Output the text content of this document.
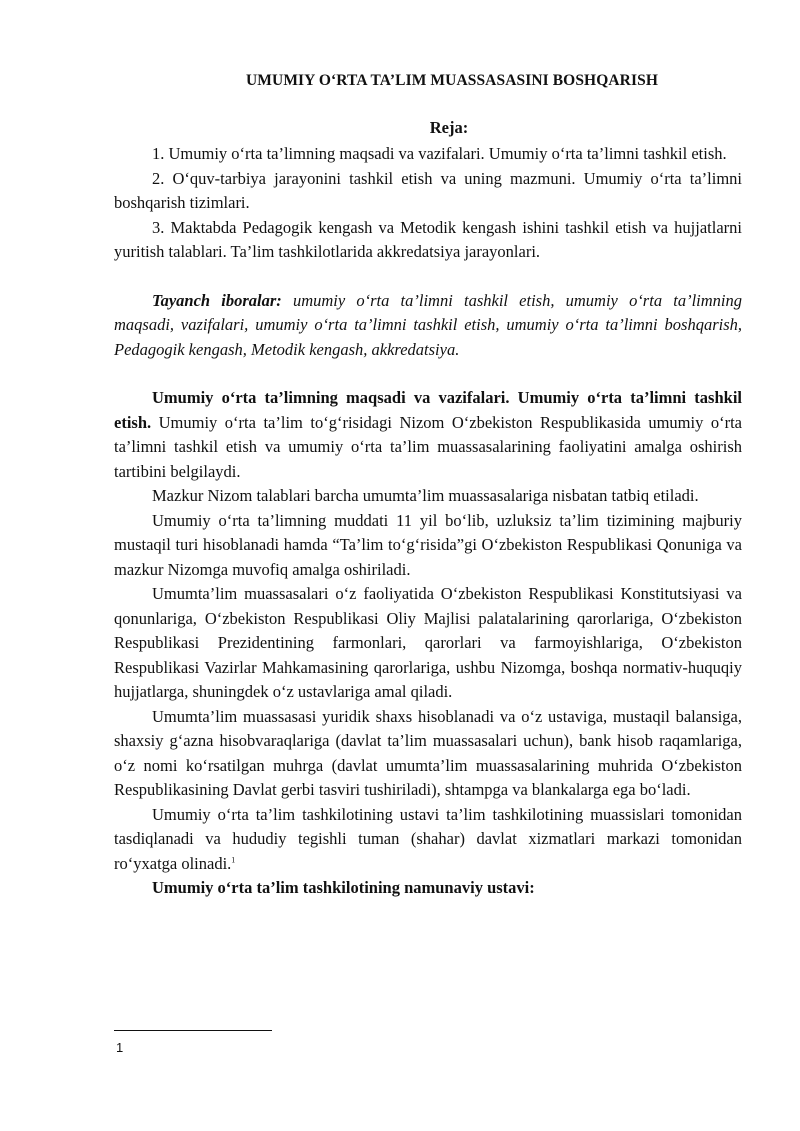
UMUMIY O‘RTA TA’LIM MUASSASASINI BOSHQARISH
Reja:

1. Umumiy o‘rta ta’limning maqsadi va vazifalari. Umumiy o‘rta ta’limni tashkil etish.

2. O‘quv-tarbiya jarayonini tashkil etish va uning mazmuni. Umumiy o‘rta ta’limni boshqarish tizimlari.

3. Maktabda Pedagogik kengash va Metodik kengash ishini tashkil etish va hujjatlarni yuritish talablari. Ta’lim tashkilotlarida akkredatsiya jarayonlari.

Tayanch iboralar: umumiy o‘rta ta’limni tashkil etish, umumiy o‘rta ta’limning maqsadi, vazifalari, umumiy o‘rta ta’limni tashkil etish, umumiy o‘rta ta’limni boshqarish, Pedagogik kengash, Metodik kengash, akkredatsiya.

Umumiy o‘rta ta’limning maqsadi va vazifalari. Umumiy o‘rta ta’limni tashkil etish. Umumiy o‘rta ta’lim to‘g‘risidagi Nizom O‘zbekiston Respublikasida umumiy o‘rta ta’limni tashkil etish va umumiy o‘rta ta’lim muassasalarining faoliyatini amalga oshirish tartibini belgilaydi.

Mazkur Nizom talablari barcha umumta’lim muassasalariga nisbatan tatbiq etiladi.

Umumiy o‘rta ta’limning muddati 11 yil bo‘lib, uzluksiz ta’lim tizimining majburiy mustaqil turi hisoblanadi hamda “Ta’lim to‘g‘risida”gi O‘zbekiston Respublikasi Qonuniga va mazkur Nizomga muvofiq amalga oshiriladi.

Umumta’lim muassasalari o‘z faoliyatida O‘zbekiston Respublikasi Konstitutsiyasi va qonunlariga, O‘zbekiston Respublikasi Oliy Majlisi palatalarining qarorlariga, O‘zbekiston Respublikasi Prezidentining farmonlari, qarorlari va farmoyishlariga, O‘zbekiston Respublikasi Vazirlar Mahkamasining qarorlariga, ushbu Nizomga, boshqa normativ-huquqiy hujjatlarga, shuningdek o‘z ustavlariga amal qiladi.

Umumta’lim muassasasi yuridik shaxs hisoblanadi va o‘z ustaviga, mustaqil balansiga, shaxsiy g‘azna hisobvaraqlariga (davlat ta’lim muassasalari uchun), bank hisob raqamlariga, o‘z nomi ko‘rsatilgan muhrga (davlat umumta’lim muassasalarining muhrida O‘zbekiston Respublikasining Davlat gerbi tasviri tushiriladi), shtampga va blankalarga ega bo‘ladi.

Umumiy o‘rta ta’lim tashkilotining ustavi ta’lim tashkilotining muassislari tomonidan tasdiqlanadi va hududiy tegishli tuman (shahar) davlat xizmatlari markazi tomonidan ro‘yxatga olinadi.$^1$

Umumiy o‘rta ta’lim tashkilotining namunaviy ustavi:

1
